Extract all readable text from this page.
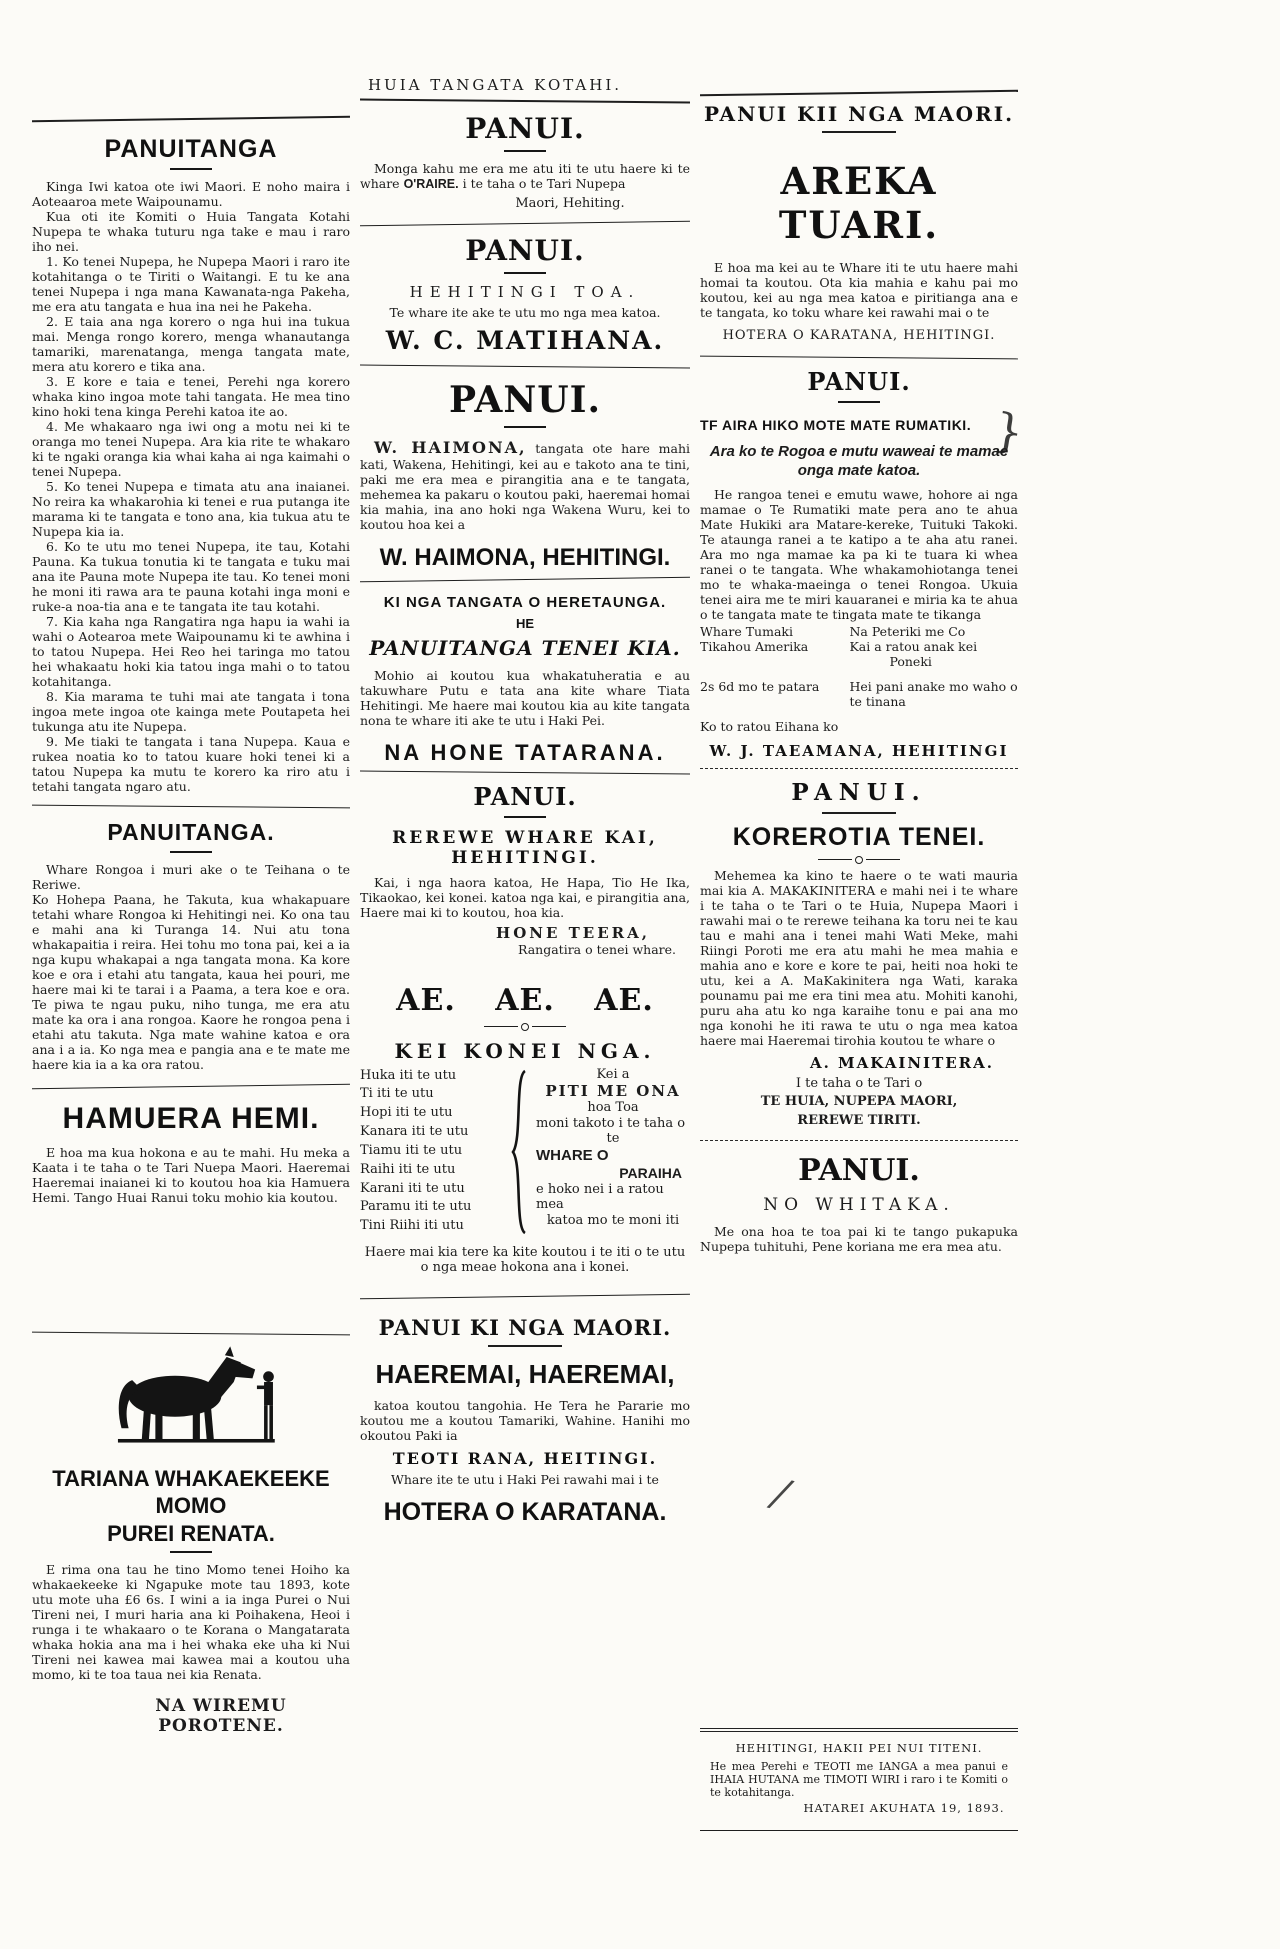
HUIA TANGATA KOTAHI.
PANUITANGA

Kinga Iwi katoa ote iwi Maori. E noho maira i Aoteaaroa mete Waipounamu.

Kua oti ite Komiti o Huia Tangata Kotahi Nupepa te whaka tuturu nga take e mau i raro iho nei.

1. Ko tenei Nupepa, he Nupepa Maori i raro ite kotahitanga o te Tiriti o Waitangi. E tu ke ana tenei Nupepa i nga mana Kawanata-nga Pakeha, me era atu tangata e hua ina nei he Pakeha.

2. E taia ana nga korero o nga hui ina tukua mai. Menga rongo korero, menga whanautanga tamariki, marenatanga, menga tangata mate, mera atu korero e tika ana.

3. E kore e taia e tenei, Perehi nga korero whaka kino ingoa mote tahi tangata. He mea tino kino hoki tena kinga Perehi katoa ite ao.

4. Me whakaaro nga iwi ong a motu nei ki te oranga mo tenei Nupepa. Ara kia rite te whakaro ki te ngaki oranga kia whai kaha ai nga kaimahi o tenei Nupepa.

5. Ko tenei Nupepa e timata atu ana inaianei. No reira ka whakarohia ki tenei e rua putanga ite marama ki te tangata e tono ana, kia tukua atu te Nupepa kia ia.

6. Ko te utu mo tenei Nupepa, ite tau, Kotahi Pauna. Ka tukua tonutia ki te tangata e tuku mai ana ite Pauna mote Nupepa ite tau. Ko tenei moni he moni iti rawa ara te pauna kotahi inga moni e ruke-a noa-tia ana e te tangata ite tau kotahi.

7. Kia kaha nga Rangatira nga hapu ia wahi ia wahi o Aotearoa mete Waipounamu ki te awhina i to tatou Nupepa. Hei Reo hei taringa mo tatou hei whakaatu hoki kia tatou inga mahi o to tatou kotahitanga.

8. Kia marama te tuhi mai ate tangata i tona ingoa mete ingoa ote kainga mete Poutapeta hei tukunga atu ite Nupepa.

9. Me tiaki te tangata i tana Nupepa. Kaua e rukea noatia ko to tatou kuare hoki tenei ki a tatou Nupepa ka mutu te korero ka riro atu i tetahi tangata ngaro atu.

PANUITANGA.

Whare Rongoa i muri ake o te Teihana o te Reriwe.

Ko Hohepa Paana, he Takuta, kua whakapuare tetahi whare Rongoa ki Hehitingi nei. Ko ona tau e mahi ana ki Turanga 14. Nui atu tona whakapaitia i reira. Hei tohu mo tona pai, kei a ia nga kupu whakapai a nga tangata mona. Ka kore koe e ora i etahi atu tangata, kaua hei pouri, me haere mai ki te tarai i a Paama, a tera koe e ora. Te piwa te ngau puku, niho tunga, me era atu mate ka ora i ana rongoa. Kaore he rongoa pena i etahi atu takuta. Nga mate wahine katoa e ora ana i a ia. Ko nga mea e pangia ana e te mate me haere kia ia a ka ora ratou.

HAMUERA HEMI.

E hoa ma kua hokona e au te mahi. Hu meka a Kaata i te taha o te Tari Nuepa Maori. Haeremai Haeremai inaianei ki to koutou hoa kia Hamuera Hemi. Tango Huai Ranui toku mohio kia koutou.

TARIANA WHAKAEKEEKE MOMO
PUREI RENATA.

E rima ona tau he tino Momo tenei Hoiho ka whakaekeeke ki Ngapuke mote tau 1893, kote utu mote uha £6 6s. I wini a ia inga Purei o Nui Tireni nei, I muri haria ana ki Poihakena, Heoi i runga i te whakaaro o te Korana o Mangatarata whaka hokia ana ma i hei whaka eke uha ki Nui Tireni nei kawea mai kawea mai a koutou uha momo, ki te toa taua nei kia Renata.

NA WIREMU POROTENE.
PANUI.

Monga kahu me era me atu iti te utu haere ki te whare O'RAIRE. i te taha o te Tari Nupepa

Maori, Hehiting.
PANUI.
HEHITINGI TOA.

Te whare ite ake te utu mo nga mea katoa.

W. C. MATIHANA.
PANUI.

W. HAIMONA, tangata ote hare mahi kati, Wakena, Hehitingi, kei au e takoto ana te tini, paki me era mea e pirangitia ana e te tangata, mehemea ka pakaru o koutou paki, haeremai homai kia mahia, ina ano hoki nga Wakena Wuru, kei to koutou hoa kei a

W. HAIMONA, HEHITINGI.
KI NGA TANGATA O HERETAUNGA.
HE
PANUITANGA TENEI KIA.

Mohio ai koutou kua whakatuheratia e au takuwhare Putu e tata ana kite whare Tiata Hehitingi. Me haere mai koutou kia au kite tangata nona te whare iti ake te utu i Haki Pei.

NA HONE TATARANA.
PANUI.
REREWE WHARE KAI,
HEHITINGI.

Kai, i nga haora katoa, He Hapa, Tio He Ika, Tikaokao, kei konei. katoa nga kai, e pirangitia ana, Haere mai ki to koutou, hoa kia.

HONE TEERA,
Rangatira o tenei whare.
AE. AE. AE.
KEI KONEI NGA.
Huka iti te utu
Ti iti te utu
Hopi iti te utu
Kanara iti te utu
Tiamu iti te utu
Raihi iti te utu
Karani iti te utu
Paramu iti te utu
Tini Riihi iti utu
Kei a
PITI ME ONA
hoa Toa
moni takoto i te taha o
te
WHARE O
PARAIHA
e hoko nei i a ratou mea
katoa mo te moni iti

Haere mai kia tere ka kite koutou i te iti o te utu o nga meae hokona ana i konei.

PANUI KI NGA MAORI.
HAEREMAI, HAEREMAI,

katoa koutou tangohia. He Tera he Pararie mo koutou me a koutou Tamariki, Wahine. Hanihi mo okoutou Paki ia

TEOTI RANA, HEITINGI.

Whare ite te utu i Haki Pei rawahi mai i te

HOTERA O KARATANA.
PANUI KII NGA MAORI.
AREKA TUARI.

E hoa ma kei au te Whare iti te utu haere mahi homai ta koutou. Ota kia mahia e kahu pai mo koutou, kei au nga mea katoa e piritianga ana e te tangata, ko toku whare kei rawahi mai o te

HOTERA O KARATANA, HEHITINGI.
PANUI.
TF AIRA HIKO MOTE MATE RUMATIKI.
Ara ko te Rogoa e mutu waweai te mamae onga mate katoa.

He rangoa tenei e emutu wawe, hohore ai nga mamae o Te Rumatiki mate pera ano te ahua Mate Hukiki ara Matare-kereke, Tuituki Takoki. Te ataunga ranei a te katipo a te aha atu ranei. Ara mo nga mamae ka pa ki te tuara ki whea ranei o te tangata. Whe whakamohiotanga tenei mo te whaka-maeinga o tenei Rongoa. Ukuia tenei aira me te miri kauaranei e miria ka te ahua o te tangata mate te tingata mate te tikanga

Whare Tumaki	Na Peteriki me Co
Tikahou Amerika	Kai a ratou anak kei
Poneki
2s 6d mo te patara	Hei pani anake mo waho o te tinana
Ko to ratou Eihana ko
W. J. TAEAMANA, HEHITINGI
PANUI.
KOREROTIA TENEI.

Mehemea ka kino te haere o te wati mauria mai kia A. MAKAKINITERA e mahi nei i te whare i te taha o te Tari o te Huia, Nupepa Maori i rawahi mai o te rerewe teihana ka toru nei te kau tau e mahi ana i tenei mahi Wati Meke, mahi Riingi Poroti me era atu mahi he mea mahia e mahia ano e kore e kore te pai, heiti noa hoki te utu, kei a A. MaKakinitera nga Wati, karaka pounamu pai me era tini mea atu. Mohiti kanohi, puru aha atu ko nga karaihe tonu e pai ana mo nga konohi he iti rawa te utu o nga mea katoa haere mai Haeremai tirohia koutou te whare o

A. MAKAINITERA.
I te taha o te Tari o
TE HUIA, NUPEPA MAORI,
REREWE TIRITI.
PANUI.
NO WHITAKA.

Me ona hoa te toa pai ki te tango pukapuka Nupepa tuhituhi, Pene koriana me era mea atu.

HEHITINGI, HAKII PEI NUI TITENI.

He mea Perehi e TEOTI me IANGA a mea panui e IHAIA HUTANA me TIMOTI WIRI i raro i te Komiti o te kotahitanga.

HATAREI AKUHATA 19, 1893.
}
/
